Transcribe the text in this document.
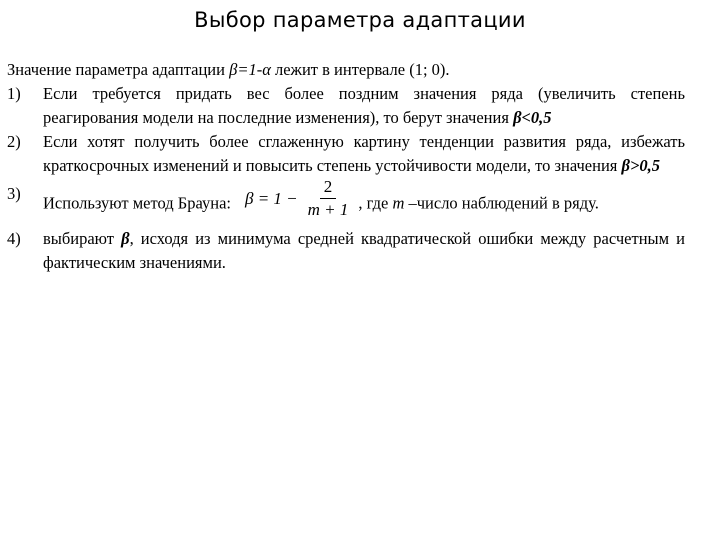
Выбор параметра адаптации

Значение параметра адаптации β=1-α лежит в интервале (1; 0).

1) Если требуется придать вес более поздним значения ряда (увеличить степень реагирования модели на последние изменения), то берут значения β<0,5

2) Если хотят получить более сглаженную картину тенденции развития ряда, избежать краткосрочных изменений и повысить степень устойчивости модели, то значения β>0,5

3) Используют метод Брауна: $\beta = 1 - \frac{2}{m + 1}$ , где m –число наблюдений в ряду.

4) выбирают β, исходя из минимума средней квадратической ошибки между расчетным и фактическим значениями.
